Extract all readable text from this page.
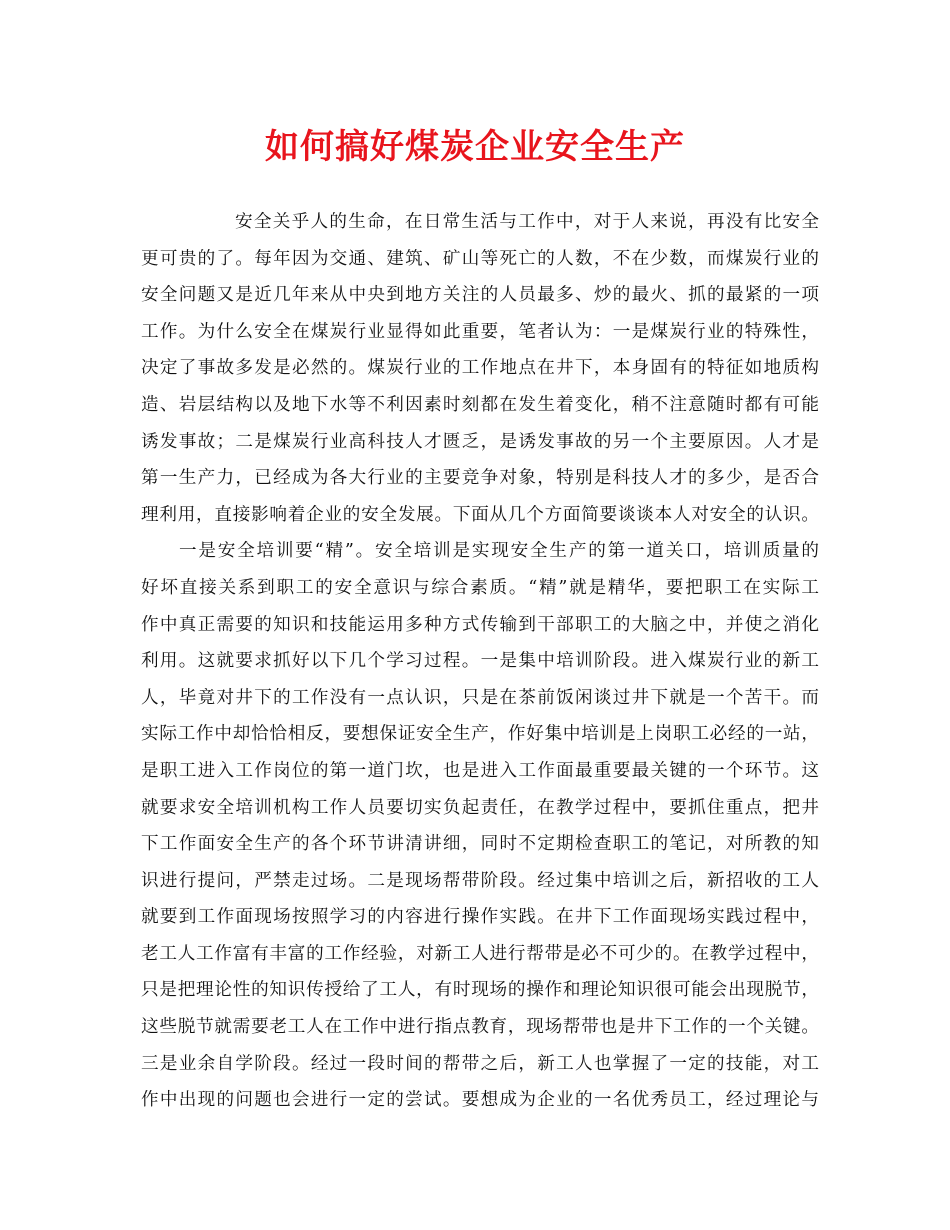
如何搞好煤炭企业安全生产
安全关乎人的生命，在日常生活与工作中，对于人来说，再没有比安全
更可贵的了。每年因为交通、建筑、矿山等死亡的人数，不在少数，而煤炭行业的
安全问题又是近几年来从中央到地方关注的人员最多、炒的最火、抓的最紧的一项
工作。为什么安全在煤炭行业显得如此重要，笔者认为：一是煤炭行业的特殊性，
决定了事故多发是必然的。煤炭行业的工作地点在井下，本身固有的特征如地质构
造、岩层结构以及地下水等不利因素时刻都在发生着变化，稍不注意随时都有可能
诱发事故；二是煤炭行业高科技人才匮乏，是诱发事故的另一个主要原因。人才是
第一生产力，已经成为各大行业的主要竞争对象，特别是科技人才的多少，是否合
理利用，直接影响着企业的安全发展。下面从几个方面简要谈谈本人对安全的认识。
一是安全培训要“精”。安全培训是实现安全生产的第一道关口，培训质量的
好坏直接关系到职工的安全意识与综合素质。“精”就是精华，要把职工在实际工
作中真正需要的知识和技能运用多种方式传输到干部职工的大脑之中，并使之消化
利用。这就要求抓好以下几个学习过程。一是集中培训阶段。进入煤炭行业的新工
人，毕竟对井下的工作没有一点认识，只是在茶前饭闲谈过井下就是一个苦干。而
实际工作中却恰恰相反，要想保证安全生产，作好集中培训是上岗职工必经的一站，
是职工进入工作岗位的第一道门坎，也是进入工作面最重要最关键的一个环节。这
就要求安全培训机构工作人员要切实负起责任，在教学过程中，要抓住重点，把井
下工作面安全生产的各个环节讲清讲细，同时不定期检查职工的笔记，对所教的知
识进行提问，严禁走过场。二是现场帮带阶段。经过集中培训之后，新招收的工人
就要到工作面现场按照学习的内容进行操作实践。在井下工作面现场实践过程中，
老工人工作富有丰富的工作经验，对新工人进行帮带是必不可少的。在教学过程中，
只是把理论性的知识传授给了工人，有时现场的操作和理论知识很可能会出现脱节，
这些脱节就需要老工人在工作中进行指点教育，现场帮带也是井下工作的一个关键。
三是业余自学阶段。经过一段时间的帮带之后，新工人也掌握了一定的技能，对工
作中出现的问题也会进行一定的尝试。要想成为企业的一名优秀员工，经过理论与
